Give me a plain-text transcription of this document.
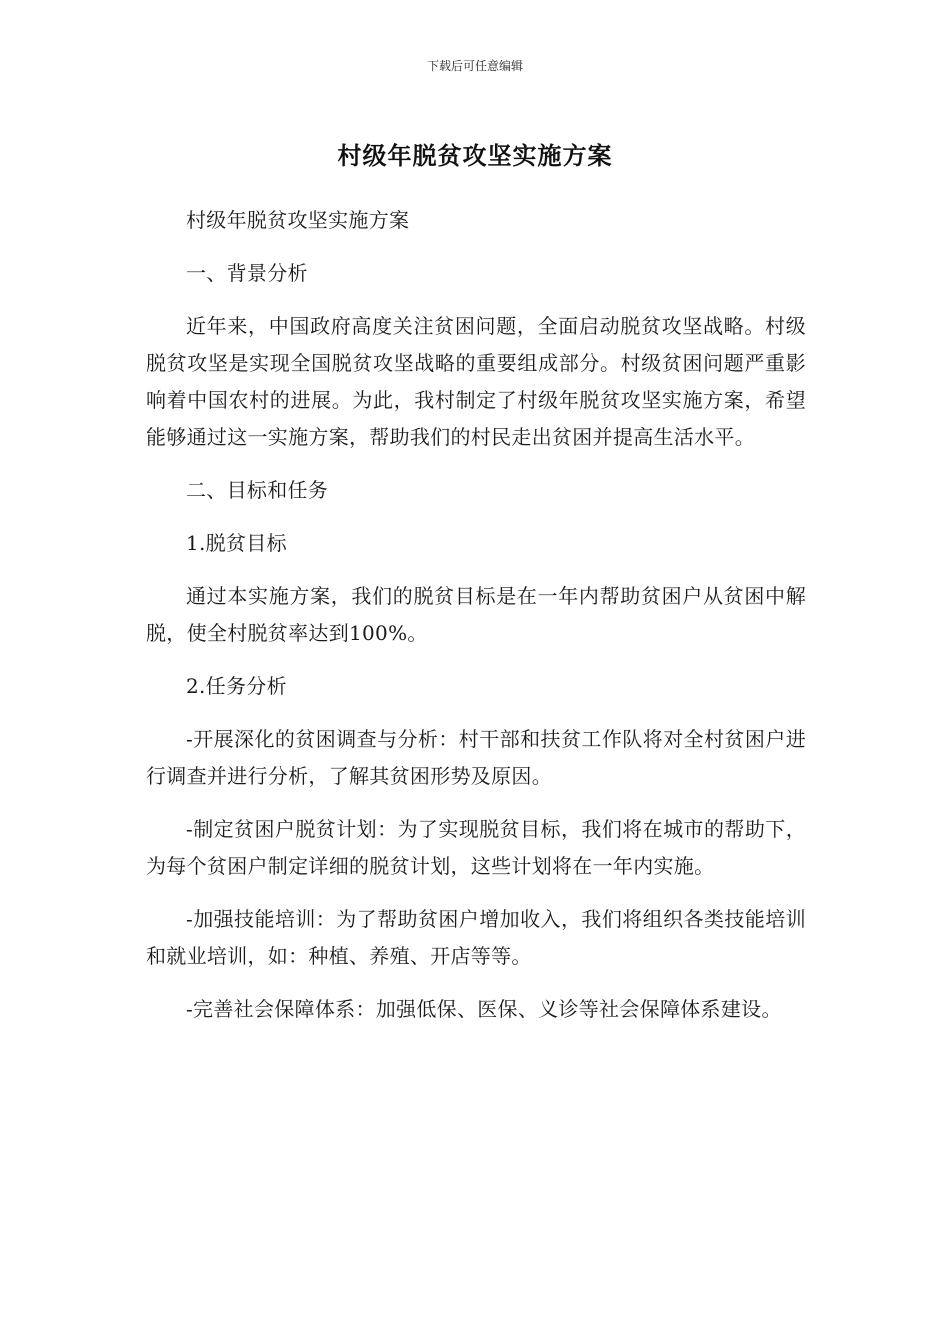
下载后可任意编辑
村级年脱贫攻坚实施方案

村级年脱贫攻坚实施方案

一、背景分析

近年来，中国政府高度关注贫困问题，全面启动脱贫攻坚战略。村级脱贫攻坚是实现全国脱贫攻坚战略的重要组成部分。村级贫困问题严重影响着中国农村的进展。为此，我村制定了村级年脱贫攻坚实施方案，希望能够通过这一实施方案，帮助我们的村民走出贫困并提高生活水平。

二、目标和任务

1.脱贫目标

通过本实施方案，我们的脱贫目标是在一年内帮助贫困户从贫困中解脱，使全村脱贫率达到100%。

2.任务分析

-开展深化的贫困调查与分析：村干部和扶贫工作队将对全村贫困户进行调查并进行分析，了解其贫困形势及原因。

-制定贫困户脱贫计划：为了实现脱贫目标，我们将在城市的帮助下，为每个贫困户制定详细的脱贫计划，这些计划将在一年内实施。

-加强技能培训：为了帮助贫困户增加收入，我们将组织各类技能培训和就业培训，如：种植、养殖、开店等等。

-完善社会保障体系：加强低保、医保、义诊等社会保障体系建设。
